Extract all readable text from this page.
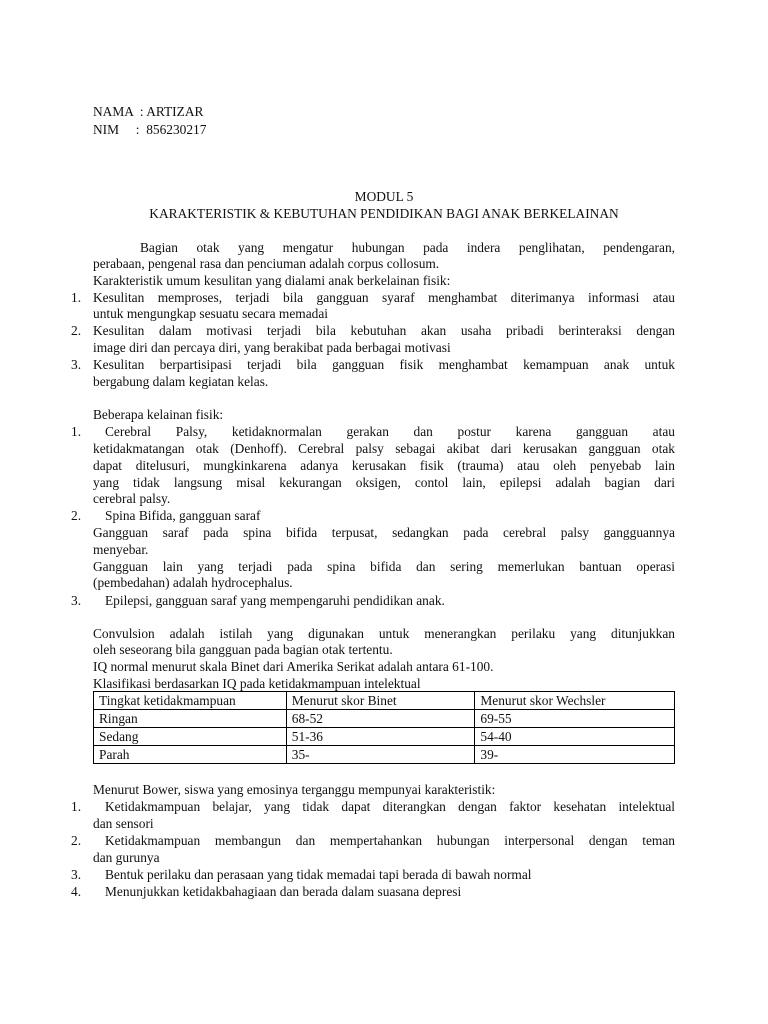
NAMA  : ARTIZAR
NIM     :  856230217
MODUL 5
KARAKTERISTIK & KEBUTUHAN PENDIDIKAN BAGI ANAK BERKELAINAN
Bagian otak yang mengatur hubungan pada indera penglihatan, pendengaran,
perabaan, pengenal rasa dan penciuman adalah corpus collosum.
Karakteristik umum kesulitan yang dialami anak berkelainan fisik:
1. Kesulitan memproses, terjadi bila gangguan syaraf menghambat diterimanya informasi atau
untuk mengungkap sesuatu secara memadai
2. Kesulitan dalam motivasi terjadi bila kebutuhan akan usaha pribadi berinteraksi dengan
image diri dan percaya diri, yang berakibat pada berbagai motivasi
3. Kesulitan berpartisipasi terjadi bila gangguan fisik menghambat kemampuan anak untuk
bergabung dalam kegiatan kelas.
Beberapa kelainan fisik:
1. Cerebral Palsy, ketidaknormalan gerakan dan postur karena gangguan atau
ketidakmatangan otak (Denhoff). Cerebral palsy sebagai akibat dari kerusakan gangguan otak
dapat ditelusuri, mungkinkarena adanya kerusakan fisik (trauma) atau oleh penyebab lain
yang tidak langsung misal kekurangan oksigen, contol lain, epilepsi adalah bagian dari
cerebral palsy.
2. Spina Bifida, gangguan saraf
Gangguan saraf pada spina bifida terpusat, sedangkan pada cerebral palsy gangguannya
menyebar.
Gangguan lain yang terjadi pada spina bifida dan sering memerlukan bantuan operasi
(pembedahan) adalah hydrocephalus.
3. Epilepsi, gangguan saraf yang mempengaruhi pendidikan anak.
Convulsion adalah istilah yang digunakan untuk menerangkan perilaku yang ditunjukkan
oleh seseorang bila gangguan pada bagian otak tertentu.
IQ normal menurut skala Binet dari Amerika Serikat adalah antara 61-100.
Klasifikasi berdasarkan IQ pada ketidakmampuan intelektual
Tingkat ketidakmampuan	Menurut skor Binet	Menurut skor Wechsler
Ringan	68-52	69-55
Sedang	51-36	54-40
Parah	35-	39-
Menurut Bower, siswa yang emosinya terganggu mempunyai karakteristik:
1. Ketidakmampuan belajar, yang tidak dapat diterangkan dengan faktor kesehatan intelektual
dan sensori
2. Ketidakmampuan membangun dan mempertahankan hubungan interpersonal dengan teman
dan gurunya
3. Bentuk perilaku dan perasaan yang tidak memadai tapi berada di bawah normal
4. Menunjukkan ketidakbahagiaan dan berada dalam suasana depresi
